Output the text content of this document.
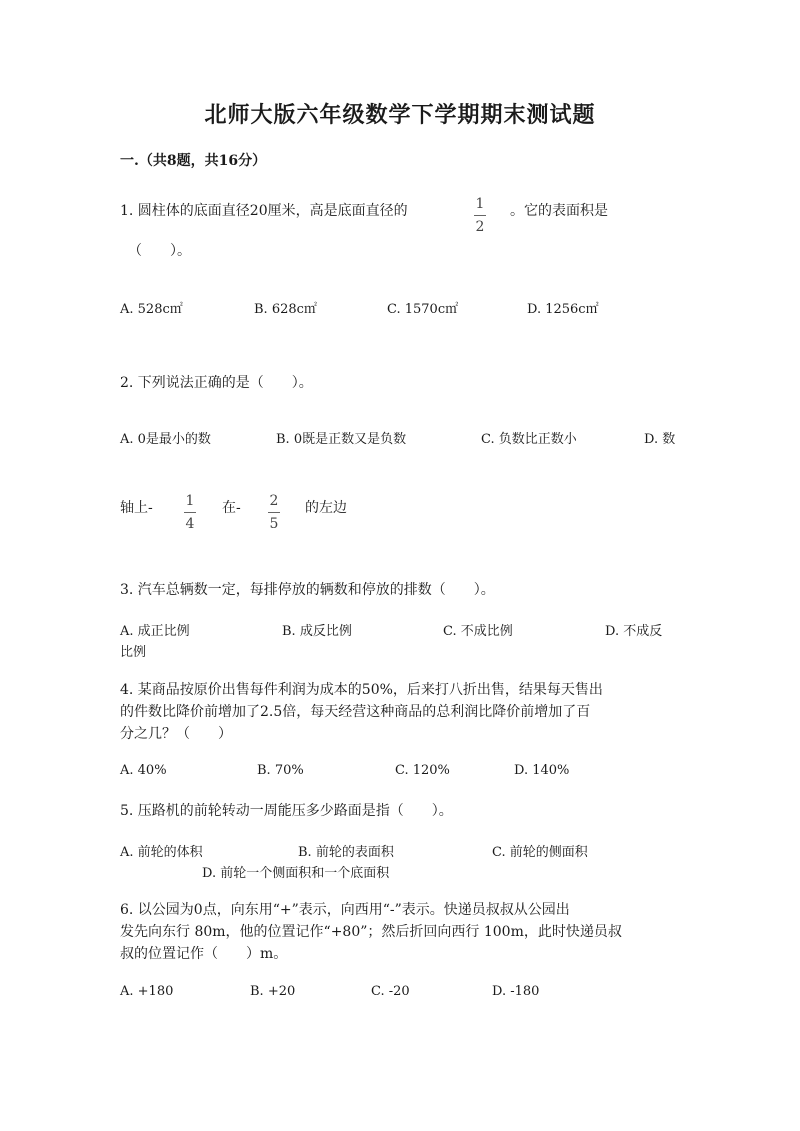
北师大版六年级数学下学期期末测试题
一.（共8题，共16分）
1. 圆柱体的底面直径20厘米，高是底面直径的	1
2
。它的表面积是
（　　）。
A. 528c㎡	B. 628c㎡	C. 1570c㎡	D. 1256c㎡
2. 下列说法正确的是（　　）。
A. 0是最小的数	B. 0既是正数又是负数	C. 负数比正数小	D. 数
轴上- 1
4
在- 2
5
的左边
3. 汽车总辆数一定，每排停放的辆数和停放的排数（　　）。
A. 成正比例	B. 成反比例	C. 不成比例	D. 不成反
比例
4. 某商品按原价出售每件利润为成本的50%，后来打八折出售，结果每天售出
的件数比降价前增加了2.5倍，每天经营这种商品的总利润比降价前增加了百
分之几？（　　）
A. 40%	B. 70%	C. 120%	D. 140%
5. 压路机的前轮转动一周能压多少路面是指（　　）。
A. 前轮的体积	B. 前轮的表面积	C. 前轮的侧面积
D. 前轮一个侧面积和一个底面积
6. 以公园为0点，向东用“+”表示，向西用“-”表示。快递员叔叔从公园出
发先向东行 80m，他的位置记作“+80”；然后折回向西行 100m，此时快递员叔
叔的位置记作（　　）m。
A. +180	B. +20	C. -20	D. -180
